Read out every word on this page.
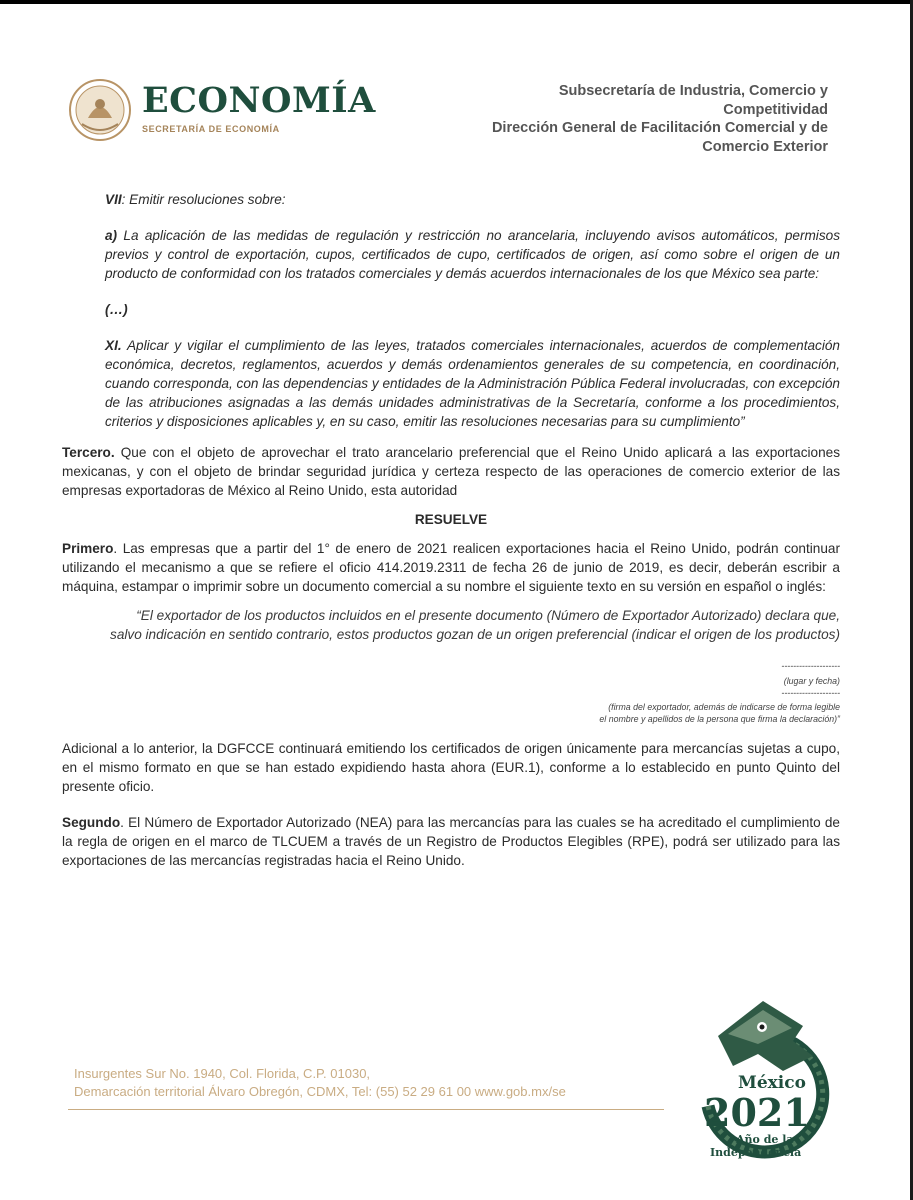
ECONOMÍA
SECRETARÍA DE ECONOMÍA
Subsecretaría de Industria, Comercio y
Competitividad
Dirección General de Facilitación Comercial y de
Comercio Exterior
VII: Emitir resoluciones sobre:
a) La aplicación de las medidas de regulación y restricción no arancelaria, incluyendo avisos automáticos, permisos previos y control de exportación, cupos, certificados de cupo, certificados de origen, así como sobre el origen de un producto de conformidad con los tratados comerciales y demás acuerdos internacionales de los que México sea parte:
(…)
XI. Aplicar y vigilar el cumplimiento de las leyes, tratados comerciales internacionales, acuerdos de complementación económica, decretos, reglamentos, acuerdos y demás ordenamientos generales de su competencia, en coordinación, cuando corresponda, con las dependencias y entidades de la Administración Pública Federal involucradas, con excepción de las atribuciones asignadas a las demás unidades administrativas de la Secretaría, conforme a los procedimientos, criterios y disposiciones aplicables y, en su caso, emitir las resoluciones necesarias para su cumplimiento”
Tercero. Que con el objeto de aprovechar el trato arancelario preferencial que el Reino Unido aplicará a las exportaciones mexicanas, y con el objeto de brindar seguridad jurídica y certeza respecto de las operaciones de comercio exterior de las empresas exportadoras de México al Reino Unido, esta autoridad
RESUELVE
Primero. Las empresas que a partir del 1° de enero de 2021 realicen exportaciones hacia el Reino Unido, podrán continuar utilizando el mecanismo a que se refiere el oficio 414.2019.2311 de fecha 26 de junio de 2019, es decir, deberán escribir a máquina, estampar o imprimir sobre un documento comercial a su nombre el siguiente texto en su versión en español o inglés:
“El exportador de los productos incluidos en el presente documento (Número de Exportador Autorizado) declara que, salvo indicación en sentido contrario, estos productos gozan de un origen preferencial (indicar el origen de los productos)
--------------------
(lugar y fecha)
--------------------
(firma del exportador, además de indicarse de forma legible
el nombre y apellidos de la persona que firma la declaración)”
Adicional a lo anterior, la DGFCCE continuará emitiendo los certificados de origen únicamente para mercancías sujetas a cupo, en el mismo formato en que se han estado expidiendo hasta ahora (EUR.1), conforme a lo establecido en punto Quinto del presente oficio.
Segundo. El Número de Exportador Autorizado (NEA) para las mercancías para las cuales se ha acreditado el cumplimiento de la regla de origen en el marco de TLCUEM a través de un Registro de Productos Elegibles (RPE), podrá ser utilizado para las exportaciones de las mercancías registradas hacia el Reino Unido.
Insurgentes Sur No. 1940, Col. Florida, C.P. 01030,
Demarcación territorial Álvaro Obregón, CDMX, Tel: (55) 52 29 61 00 www.gob.mx/se	México
2021
Año de la
Independencia
